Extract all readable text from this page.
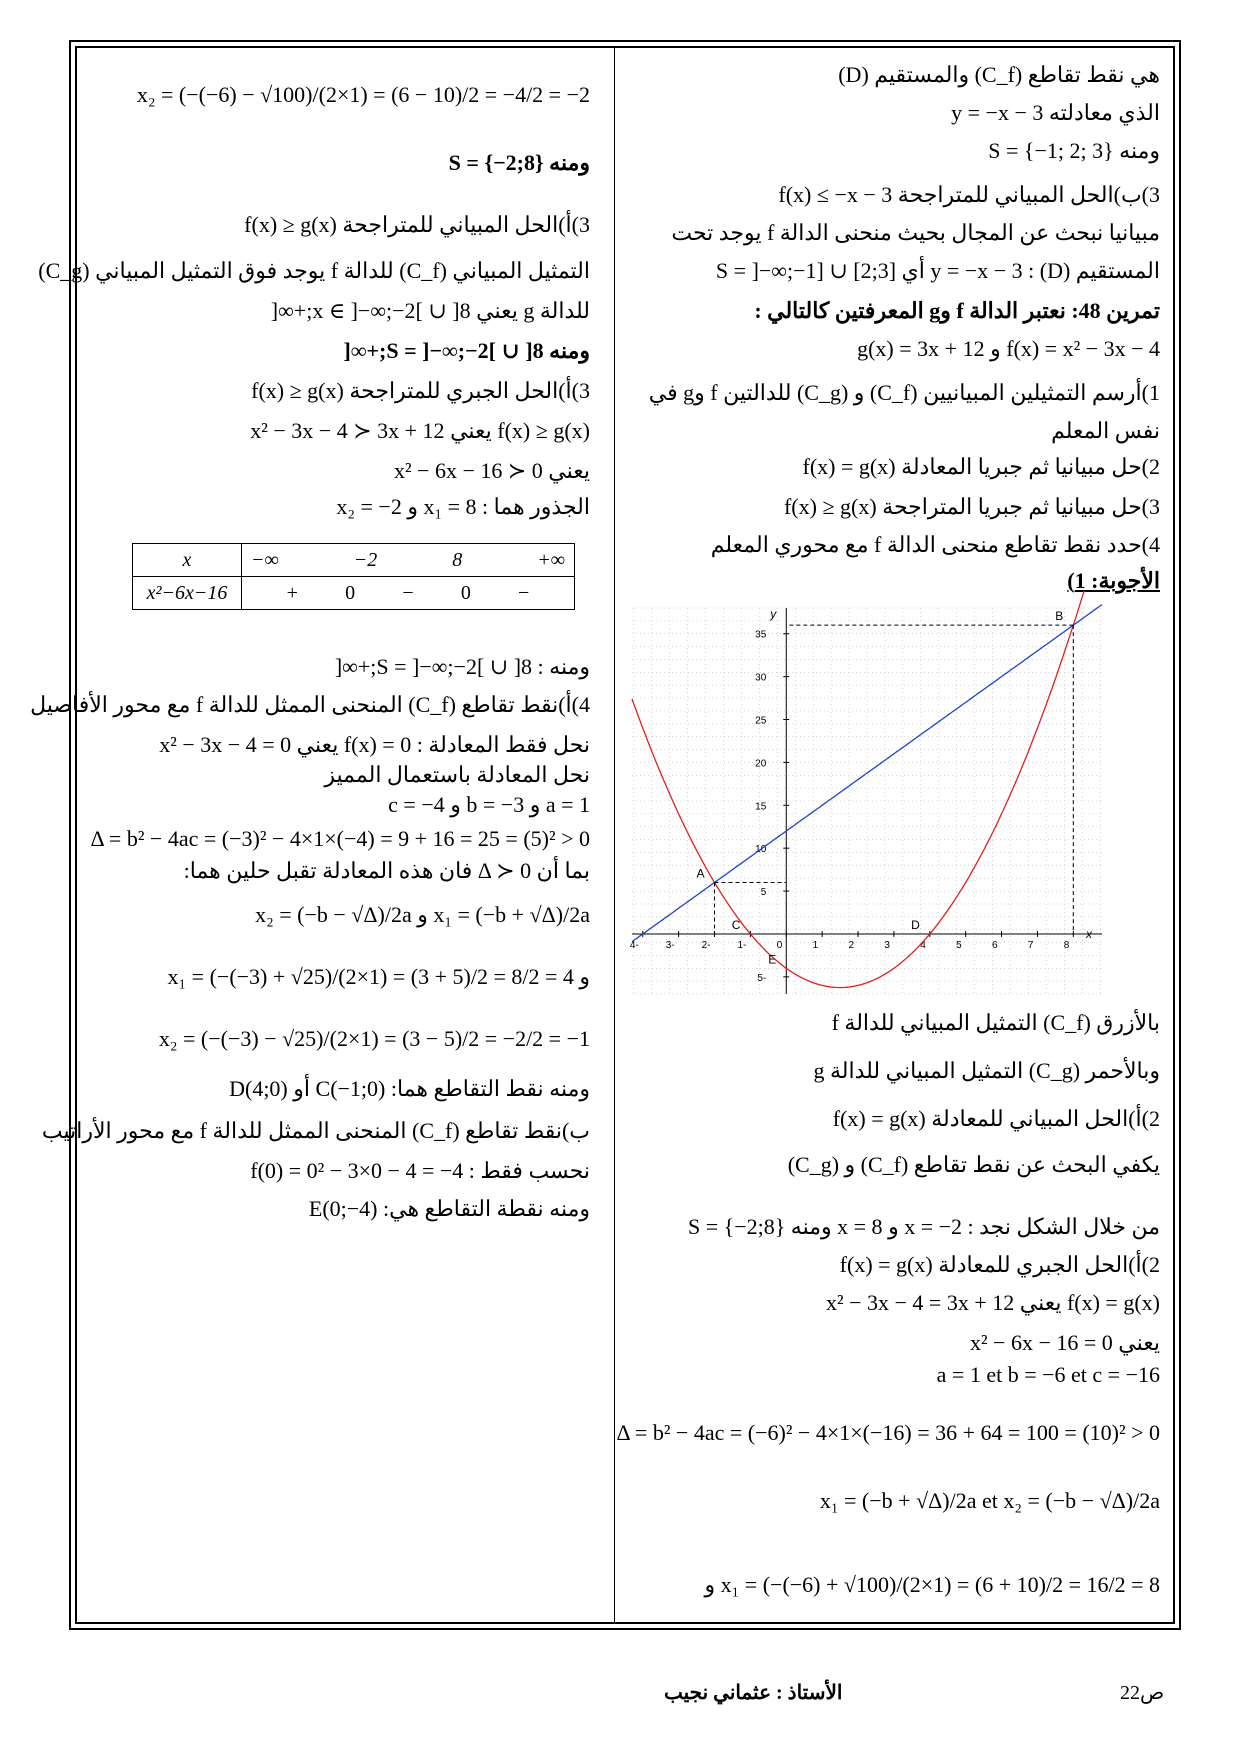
هي نقط تقاطع (C_f) والمستقيم (D)
الذي معادلته y = −x − 3
ومنه S = {−1; 2; 3}
3)ب)الحل المبياني للمتراجحة f(x) ≤ −x − 3
مبيانيا نبحث عن المجال بحيث منحنى الدالة f يوجد تحت
المستقيم (D) : y = −x − 3 أي S = ]−∞;−1] ∪ [2;3]
تمرين 48: نعتبر الدالة f وg المعرفتين كالتالي :
f(x) = x² − 3x − 4 و g(x) = 3x + 12
1)أرسم التمثيلين المبيانيين (C_f) و (C_g) للدالتين f وg في
نفس المعلم
2)حل مبيانيا ثم جبريا المعادلة f(x) = g(x)
3)حل مبيانيا ثم جبريا المتراجحة f(x) ≥ g(x)
4)حدد نقط تقاطع منحنى الدالة f مع محوري المعلم
الأجوبة: 1)
x
y
-4	-3	-2	-1	0	1	2	3	4	5	6	7	8
-5
5
10
15
20
25
30
35
A
B
C	D
E
بالأزرق (C_f) التمثيل المبياني للدالة f
وبالأحمر (C_g) التمثيل المبياني للدالة g
2)أ)الحل المبياني للمعادلة f(x) = g(x)
يكفي البحث عن نقط تقاطع (C_f) و (C_g)
من خلال الشكل نجد : x = −2 و x = 8 ومنه S = {−2;8}
2)أ)الحل الجبري للمعادلة f(x) = g(x)
f(x) = g(x) يعني x² − 3x − 4 = 3x + 12
يعني x² − 6x − 16 = 0
a = 1 et b = −6 et c = −16
Δ = b² − 4ac = (−6)² − 4×1×(−16) = 36 + 64 = 100 = (10)² > 0
x₁ = (−b + √Δ)/2a et x₂ = (−b − √Δ)/2a
x₁ = (−(−6) + √100)/(2×1) = (6 + 10)/2 = 16/2 = 8 و
x₂ = (−(−6) − √100)/(2×1) = (6 − 10)/2 = −4/2 = −2
ومنه S = {−2;8}
3)أ)الحل المبياني للمتراجحة f(x) ≥ g(x)
التمثيل المبياني (C_f) للدالة f يوجد فوق التمثيل المبياني (C_g)
للدالة g يعني x ∈ ]−∞;−2[ ∪ ]8;+∞[
ومنه S = ]−∞;−2[ ∪ ]8;+∞[
3)أ)الحل الجبري للمتراجحة f(x) ≥ g(x)
f(x) ≥ g(x) يعني x² − 3x − 4 ≻ 3x + 12
يعني x² − 6x − 16 ≻ 0
الجذور هما : x₁ = 8 و x₂ = −2
ومنه : S = ]−∞;−2[ ∪ ]8;+∞[
4)أ)نقط تقاطع (C_f) المنحنى الممثل للدالة f مع محور الأفاصيل
نحل فقط المعادلة : f(x) = 0 يعني x² − 3x − 4 = 0
نحل المعادلة باستعمال المميز
a = 1 و b = −3 و c = −4
Δ = b² − 4ac = (−3)² − 4×1×(−4) = 9 + 16 = 25 = (5)² > 0
بما أن Δ ≻ 0 فان هذه المعادلة تقبل حلين هما:
x₁ = (−b + √Δ)/2a و x₂ = (−b − √Δ)/2a
و x₁ = (−(−3) + √25)/(2×1) = (3 + 5)/2 = 8/2 = 4
x₂ = (−(−3) − √25)/(2×1) = (3 − 5)/2 = −2/2 = −1
ومنه نقط التقاطع هما: C(−1;0) أو D(4;0)
ب)نقط تقاطع (C_f) المنحنى الممثل للدالة f مع محور الأراتيب
نحسب فقط : f(0) = 0² − 3×0 − 4 = −4
ومنه نقطة التقاطع هي: E(0;−4)
x	−∞ −2 8 +∞

x²−6x−16	+ 0 − 0 −
الأستاذ : عثماني نجيب	ص22
